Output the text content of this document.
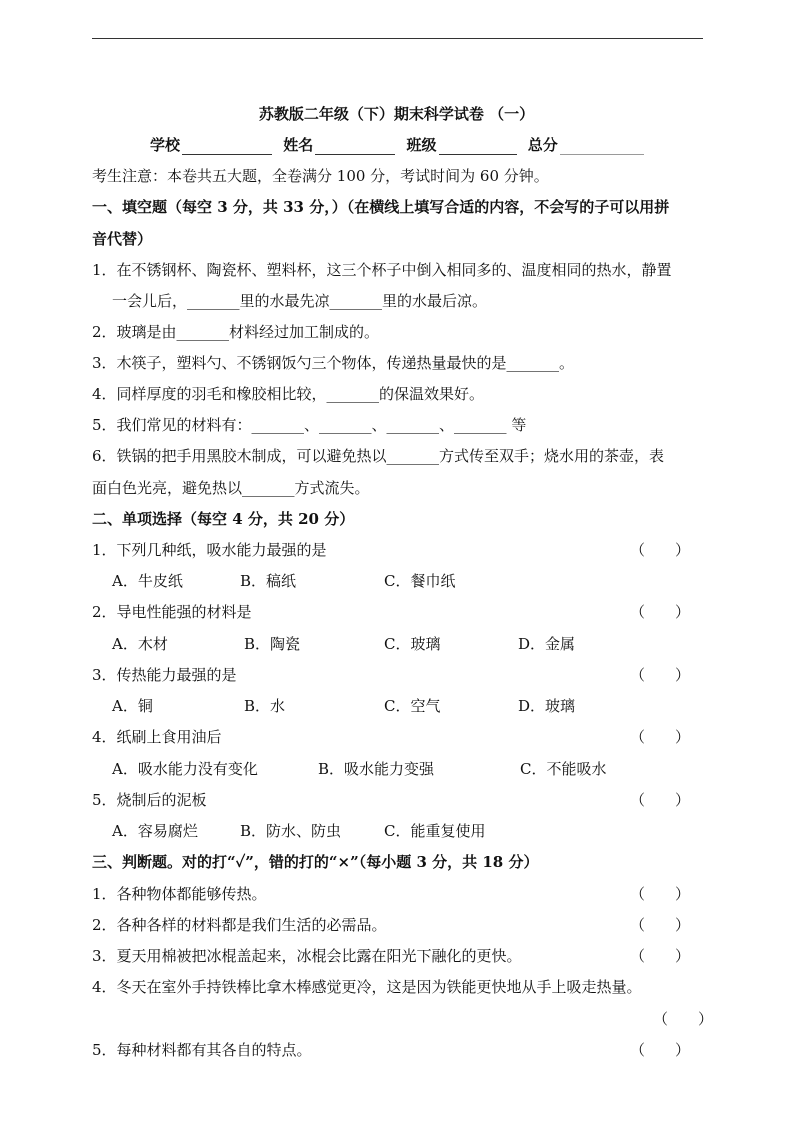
苏教版二年级（下）期末科学试卷 （一）
学校	姓名	班级	总分
考生注意：本卷共五大题，全卷满分 100 分，考试时间为 60 分钟。
一、填空题（每空 3 分，共 33 分，）（在横线上填写合适的内容，不会写的子可以用拼
音代替）
1．在不锈钢杯、陶瓷杯、塑料杯，这三个杯子中倒入相同多的、温度相同的热水，静置
一会儿后，_______里的水最先凉_______里的水最后凉。
2．玻璃是由_______材料经过加工制成的。
3．木筷子，塑料勺、不锈钢饭勺三个物体，传递热量最快的是_______。
4．同样厚度的羽毛和橡胶相比较，_______的保温效果好。
5．我们常见的材料有：_______、_______、_______、_______ 等
6．铁锅的把手用黑胶木制成，可以避免热以_______方式传至双手；烧水用的茶壶，表
面白色光亮，避免热以_______方式流失。
二、单项选择（每空 4 分，共 20 分）
1．下列几种纸，吸水能力最强的是	（　　）
A．牛皮纸	B．稿纸	C．餐巾纸
2．导电性能强的材料是	（　　）
A．木材	B．陶瓷	C．玻璃	D．金属
3．传热能力最强的是	（　　）
A．铜	B．水	C．空气	D．玻璃
4．纸刷上食用油后	（　　）
A．吸水能力没有变化	B．吸水能力变强	C．不能吸水
5．烧制后的泥板	（　　）
A．容易腐烂	B．防水、防虫	C．能重复使用
三、判断题。对的打“✓”，错的打的“×”（每小题 3 分，共 18 分）
1．各种物体都能够传热。	（　　）
2．各种各样的材料都是我们生活的必需品。	（　　）
3．夏天用棉被把冰棍盖起来，冰棍会比露在阳光下融化的更快。	（　　）
4．冬天在室外手持铁棒比拿木棒感觉更冷，这是因为铁能更快地从手上吸走热量。
（　　）
5．每种材料都有其各自的特点。	（　　）
